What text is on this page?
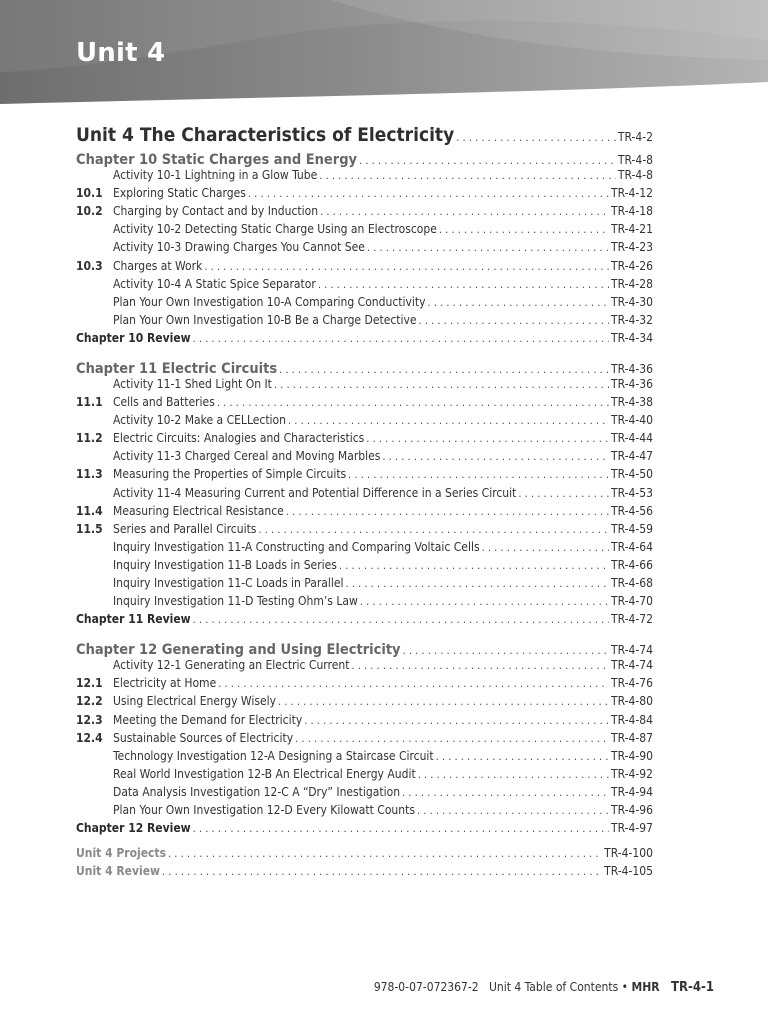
Unit 4
Unit 4 The Characteristics of Electricity . . .	TR-4-2
Chapter 10 Static Charges and Energy . . .	TR-4-8
Activity 10-1 Lightning in a Glow Tube . . .	TR-4-8
10.1 Exploring Static Charges . . .	TR-4-12
10.2 Charging by Contact and by Induction . . .	TR-4-18
Activity 10-2 Detecting Static Charge Using an Electroscope . . .	TR-4-21
Activity 10-3 Drawing Charges You Cannot See . . .	TR-4-23
10.3 Charges at Work . . .	TR-4-26
Activity 10-4 A Static Spice Separator . . .	TR-4-28
Plan Your Own Investigation 10-A Comparing Conductivity . . .	TR-4-30
Plan Your Own Investigation 10-B Be a Charge Detective . . .	TR-4-32
Chapter 10 Review . . .	TR-4-34
Chapter 11 Electric Circuits . . .	TR-4-36
Activity 11-1 Shed Light On It . . .	TR-4-36
11.1 Cells and Batteries . . .	TR-4-38
Activity 10-2 Make a CELLection . . .	TR-4-40
11.2 Electric Circuits: Analogies and Characteristics . . .	TR-4-44
Activity 11-3 Charged Cereal and Moving Marbles . . .	TR-4-47
11.3 Measuring the Properties of Simple Circuits . . .	TR-4-50
Activity 11-4 Measuring Current and Potential Difference in a Series Circuit . . .	TR-4-53
11.4 Measuring Electrical Resistance . . .	TR-4-56
11.5 Series and Parallel Circuits . . .	TR-4-59
Inquiry Investigation 11-A Constructing and Comparing Voltaic Cells . . .	TR-4-64
Inquiry Investigation 11-B Loads in Series . . .	TR-4-66
Inquiry Investigation 11-C Loads in Parallel . . .	TR-4-68
Inquiry Investigation 11-D Testing Ohm’s Law . . .	TR-4-70
Chapter 11 Review . . .	TR-4-72
Chapter 12 Generating and Using Electricity . . .	TR-4-74
Activity 12-1 Generating an Electric Current . . .	TR-4-74
12.1 Electricity at Home . . .	TR-4-76
12.2 Using Electrical Energy Wisely . . .	TR-4-80
12.3 Meeting the Demand for Electricity . . .	TR-4-84
12.4 Sustainable Sources of Electricity . . .	TR-4-87
Technology Investigation 12-A Designing a Staircase Circuit . . .	TR-4-90
Real World Investigation 12-B An Electrical Energy Audit . . .	TR-4-92
Data Analysis Investigation 12-C A “Dry” Inestigation . . .	TR-4-94
Plan Your Own Investigation 12-D Every Kilowatt Counts . . .	TR-4-96
Chapter 12 Review . . .	TR-4-97
Unit 4 Projects . . .	TR-4-100
Unit 4 Review . . .	TR-4-105
978-0-07-072367-2 Unit 4 Table of Contents • MHR TR-4-1
